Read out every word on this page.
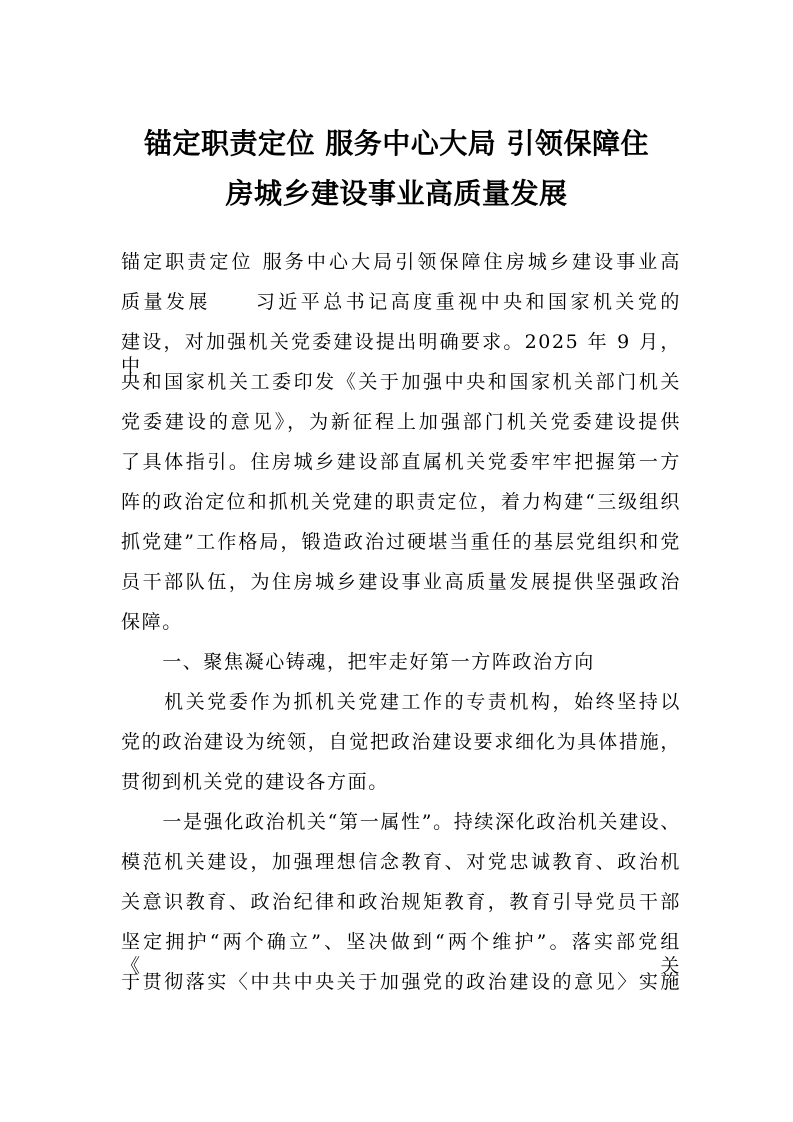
锚定职责定位 服务中心大局 引领保障住
房城乡建设事业高质量发展
锚定职责定位 服务中心大局引领保障住房城乡建设事业高
质量发展　　习近平总书记高度重视中央和国家机关党的
建设，对加强机关党委建设提出明确要求。2025 年 9 月，中
央和国家机关工委印发《关于加强中央和国家机关部门机关
党委建设的意见》，为新征程上加强部门机关党委建设提供
了具体指引。住房城乡建设部直属机关党委牢牢把握第一方
阵的政治定位和抓机关党建的职责定位，着力构建“三级组织
抓党建”工作格局，锻造政治过硬堪当重任的基层党组织和党
员干部队伍，为住房城乡建设事业高质量发展提供坚强政治
保障。
　　一、聚焦凝心铸魂，把牢走好第一方阵政治方向
　　机关党委作为抓机关党建工作的专责机构，始终坚持以
党的政治建设为统领，自觉把政治建设要求细化为具体措施，
贯彻到机关党的建设各方面。
　　一是强化政治机关“第一属性”。持续深化政治机关建设、
模范机关建设，加强理想信念教育、对党忠诚教育、政治机
关意识教育、政治纪律和政治规矩教育，教育引导党员干部
坚定拥护“两个确立”、坚决做到“两个维护”。落实部党组《关
于贯彻落实〈中共中央关于加强党的政治建设的意见〉实施
